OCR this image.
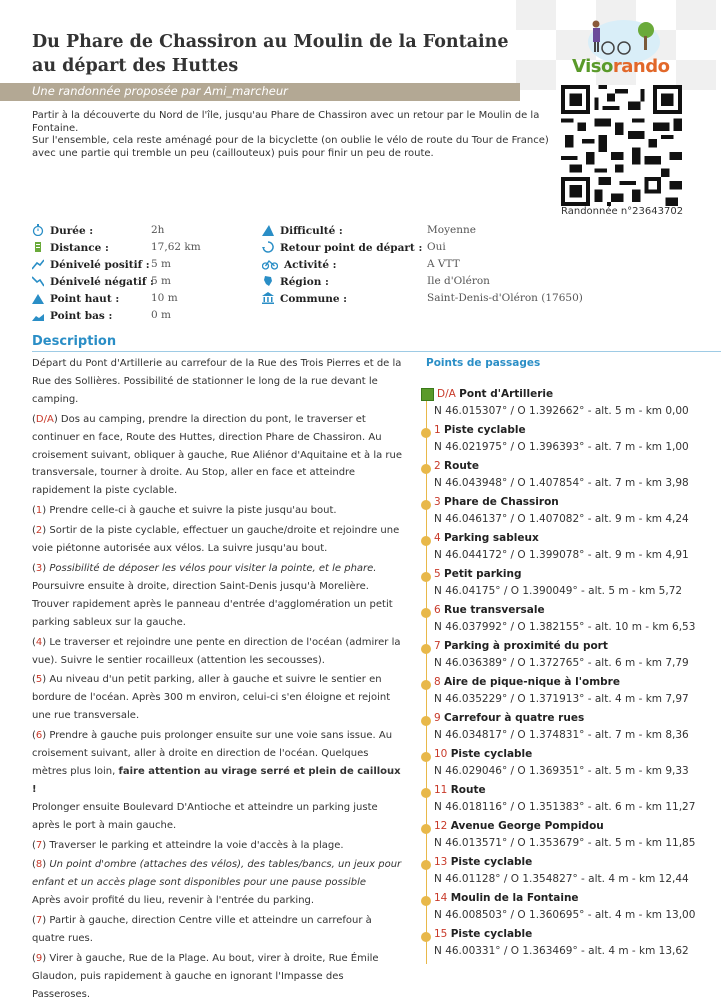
Du Phare de Chassiron au Moulin de la Fontaine au départ des Huttes
Une randonnée proposée par Ami_marcheur
Visorando
Randonnée n°23643702

Partir à la découverte du Nord de l'île, jusqu'au Phare de Chassiron avec un retour par le Moulin de la Fontaine.

Sur l'ensemble, cela reste aménagé pour de la bicyclette (on oublie le vélo de route du Tour de France) avec une partie qui tremble un peu (caillouteux) puis pour finir un peu de route.

Durée :	2h
Distance :	17,62 km
Dénivelé positif : 5 m
Dénivelé négatif :
5 m
Point haut :	10 m
Point bas :	0 m
Difficulté :	Moyenne
Retour point de départ : Oui
Activité :	A VTT
Région :	Ile d'Oléron
Commune :	Saint-Denis-d'Oléron (17650)
Description

Départ du Pont d'Artillerie au carrefour de la Rue des Trois Pierres et de la Rue des Sollières. Possibilité de stationner le long de la rue devant le camping.

(D/A) Dos au camping, prendre la direction du pont, le traverser et continuer en face, Route des Huttes, direction Phare de Chassiron. Au croisement suivant, obliquer à gauche, Rue Aliénor d'Aquitaine et à la rue transversale, tourner à droite. Au Stop, aller en face et atteindre rapidement la piste cyclable.

(1) Prendre celle-ci à gauche et suivre la piste jusqu'au bout.

(2) Sortir de la piste cyclable, effectuer un gauche/droite et rejoindre une voie piétonne autorisée aux vélos. La suivre jusqu'au bout.

(3) Possibilité de déposer les vélos pour visiter la pointe, et le phare.
Poursuivre ensuite à droite, direction Saint-Denis jusqu'à Morelière. Trouver rapidement après le panneau d'entrée d'agglomération un petit parking sableux sur la gauche.

(4) Le traverser et rejoindre une pente en direction de l'océan (admirer la vue). Suivre le sentier rocailleux (attention les secousses).

(5) Au niveau d'un petit parking, aller à gauche et suivre le sentier en bordure de l'océan. Après 300 m environ, celui-ci s'en éloigne et rejoint une rue transversale.

(6) Prendre à gauche puis prolonger ensuite sur une voie sans issue. Au croisement suivant, aller à droite en direction de l'océan. Quelques mètres plus loin, faire attention au virage serré et plein de cailloux !
Prolonger ensuite Boulevard D'Antioche et atteindre un parking juste après le port à main gauche.

(7) Traverser le parking et atteindre la voie d'accès à la plage.

(8) Un point d'ombre (attaches des vélos), des tables/bancs, un jeux pour enfant et un accès plage sont disponibles pour une pause possible
Après avoir profité du lieu, revenir à l'entrée du parking.

(7) Partir à gauche, direction Centre ville et atteindre un carrefour à quatre rues.

(9) Virer à gauche, Rue de la Plage. Au bout, virer à droite, Rue Émile Glaudon, puis rapidement à gauche en ignorant l'Impasse des Passeroses.

Points de passages
D/A Pont d'Artillerie
N 46.015307° / O 1.392662° - alt. 5 m - km 0,00
1 Piste cyclable
N 46.021975° / O 1.396393° - alt. 7 m - km 1,00
2 Route
N 46.043948° / O 1.407854° - alt. 7 m - km 3,98
3 Phare de Chassiron
N 46.046137° / O 1.407082° - alt. 9 m - km 4,24
4 Parking sableux
N 46.044172° / O 1.399078° - alt. 9 m - km 4,91
5 Petit parking
N 46.04175° / O 1.390049° - alt. 5 m - km 5,72
6 Rue transversale
N 46.037992° / O 1.382155° - alt. 10 m - km 6,53
7 Parking à proximité du port
N 46.036389° / O 1.372765° - alt. 6 m - km 7,79
8 Aire de pique-nique à l'ombre
N 46.035229° / O 1.371913° - alt. 4 m - km 7,97
9 Carrefour à quatre rues
N 46.034817° / O 1.374831° - alt. 7 m - km 8,36
10 Piste cyclable
N 46.029046° / O 1.369351° - alt. 5 m - km 9,33
11 Route
N 46.018116° / O 1.351383° - alt. 6 m - km 11,27
12 Avenue George Pompidou
N 46.013571° / O 1.353679° - alt. 5 m - km 11,85
13 Piste cyclable
N 46.01128° / O 1.354827° - alt. 4 m - km 12,44
14 Moulin de la Fontaine
N 46.008503° / O 1.360695° - alt. 4 m - km 13,00
15 Piste cyclable
N 46.00331° / O 1.363469° - alt. 4 m - km 13,62
